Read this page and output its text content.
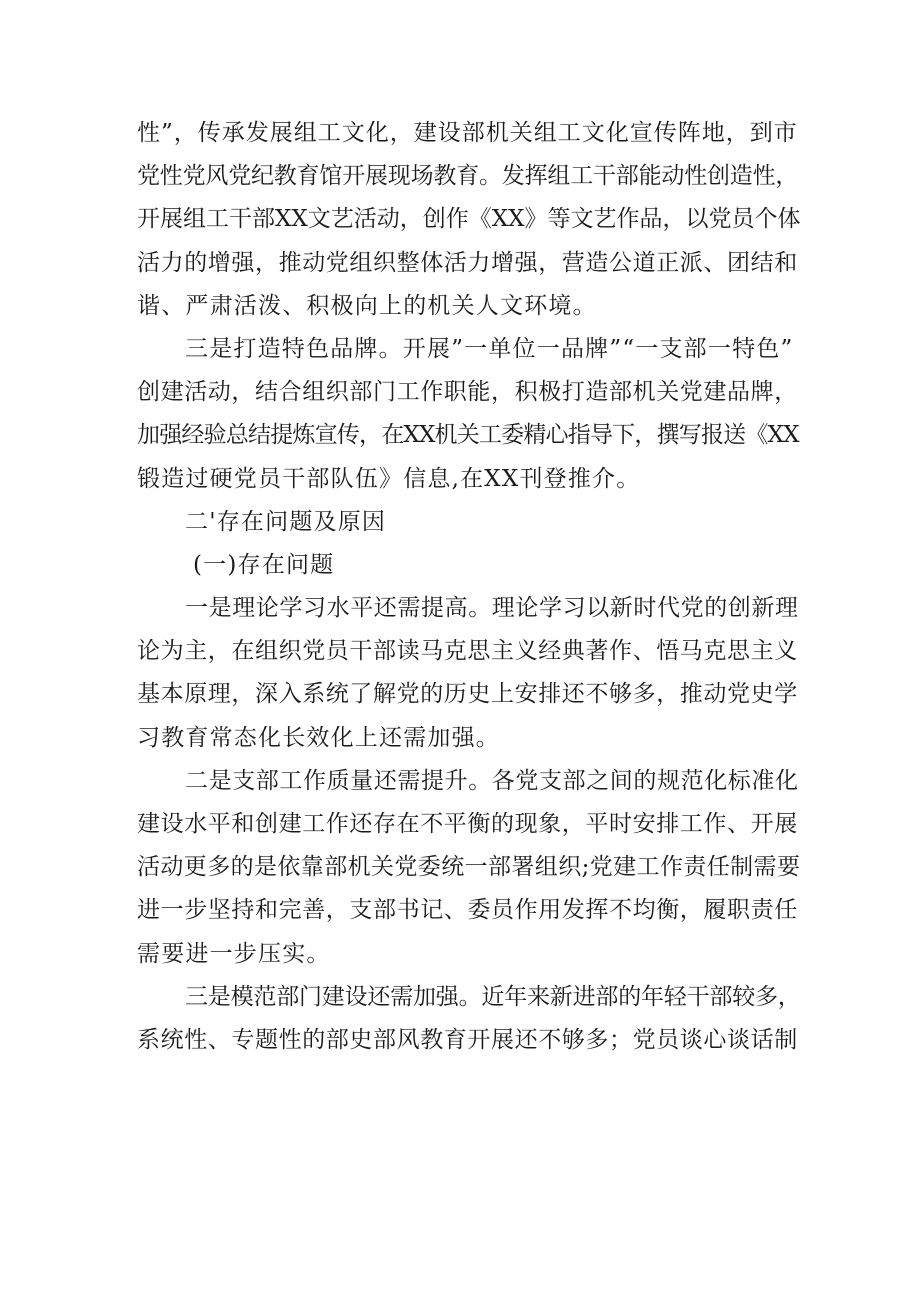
性”，传承发展组工文化，建设部机关组工文化宣传阵地，到市
党性党风党纪教育馆开展现场教育。发挥组工干部能动性创造性，
开展组工干部XX文艺活动，创作《XX》等文艺作品，以党员个体
活力的增强，推动党组织整体活力增强，营造公道正派、团结和
谐、严肃活泼、积极向上的机关人文环境。
三是打造特色品牌。开展”一单位一品牌”“一支部一特色”
创建活动，结合组织部门工作职能，积极打造部机关党建品牌，
加强经验总结提炼宣传，在XX机关工委精心指导下，撰写报送《XX
锻造过硬党员干部队伍》信息,在XX刊登推介。
二'存在问题及原因
(一)存在问题
一是理论学习水平还需提高。理论学习以新时代党的创新理
论为主，在组织党员干部读马克思主义经典著作、悟马克思主义
基本原理，深入系统了解党的历史上安排还不够多，推动党史学
习教育常态化长效化上还需加强。
二是支部工作质量还需提升。各党支部之间的规范化标准化
建设水平和创建工作还存在不平衡的现象，平时安排工作、开展
活动更多的是依靠部机关党委统一部署组织;党建工作责任制需要
进一步坚持和完善，支部书记、委员作用发挥不均衡，履职责任
需要进一步压实。
三是模范部门建设还需加强。近年来新进部的年轻干部较多，
系统性、专题性的部史部风教育开展还不够多；党员谈心谈话制
